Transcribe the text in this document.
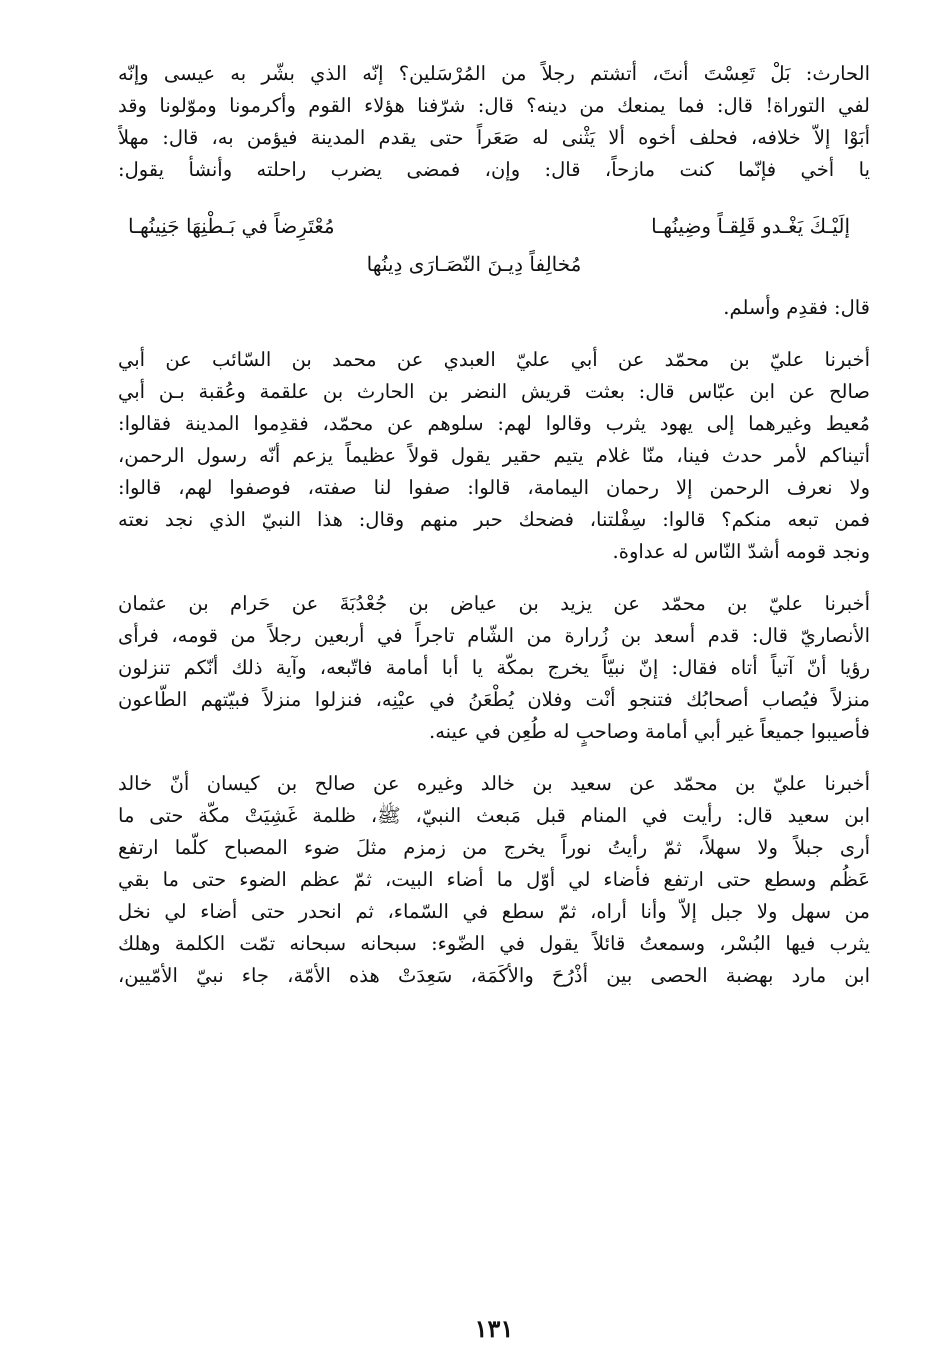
الحارث: بَلْ تَعِسْتَ أنتَ، أتشتم رجلاً من المُرْسَلين؟ إنّه الذي بشّر به عيسى وإنّه
لفي التوراة! قال: فما يمنعك من دينه؟ قال: شرّفنا هؤلاء القوم وأكرمونا وموّلونا وقد
أبَوْا إلاّ خلافه، فحلف أخوه ألا يَثْنى له صَعَراً حتى يقدم المدينة فيؤمن به، قال: مهلاً
يا أخي فإنّما كنت مازحاً، قال: وإن، فمضى يضرب راحلته وأنشأ يقول:
إلَيْـكَ يَغْـدو قَلِقـاً وضِينُهـا
مُعْتَرِضاً في بَـطْنِهَا جَنِينُهـا
مُخالِفاً دِيـنَ النّصَـارَى دِينُها
قال: فقدِم وأسلم.
أخبرنا عليّ بن محمّد عن أبي عليّ العبدي عن محمد بن السّائب عن أبي
صالح عن ابن عبّاس قال: بعثت قريش النضر بن الحارث بن علقمة وعُقبة بـن أبي
مُعيط وغيرهما إلى يهود يثرب وقالوا لهم: سلوهم عن محمّد، فقدِموا المدينة فقالوا:
أتيناكم لأمر حدث فينا، منّا غلام يتيم حقير يقول قولاً عظيماً يزعم أنّه رسول الرحمن،
ولا نعرف الرحمن إلا رحمان اليمامة، قالوا: صفوا لنا صفته، فوصفوا لهم، قالوا:
فمن تبعه منكم؟ قالوا: سِفْلتنا، فضحك حبر منهم وقال: هذا النبيّ الذي نجد نعته
ونجد قومه أشدّ النّاس له عداوة.
أخبرنا عليّ بن محمّد عن يزيد بن عياض بن جُعْدُبَةَ عن حَرام بن عثمان
الأنصاريّ قال: قدم أسعد بن زُرارة من الشّام تاجراً في أربعين رجلاً من قومه، فرأى
رؤيا أنّ آتياً أتاه فقال: إنّ نبيّاً يخرج بمكّة يا أبا أمامة فاتّبعه، وآية ذلك أنّكم تنزلون
منزلاً فيُصاب أصحابُك فتنجو أنْت وفلان يُطْعَنُ في عيْنِه، فنزلوا منزلاً فبيّتهم الطّاعون
فأصيبوا جميعاً غير أبي أمامة وصاحبٍ له طُعِن في عينه.
أخبرنا عليّ بن محمّد عن سعيد بن خالد وغيره عن صالح بن كيسان أنّ خالد
ابن سعيد قال: رأيت في المنام قبل مَبعث النبيّ، ﷺ، ظلمة غَشِيَتْ مكّة حتى ما
أرى جبلاً ولا سهلاً، ثمّ رأيتُ نوراً يخرج من زمزم مثلَ ضوء المصباح كلّما ارتفع
عَظُم وسطع حتى ارتفع فأضاء لي أوّل ما أضاء البيت، ثمّ عظم الضوء حتى ما بقي
من سهل ولا جبل إلاّ وأنا أراه، ثمّ سطع في السّماء، ثم انحدر حتى أضاء لي نخل
يثرب فيها البُسْر، وسمعتُ قائلاً يقول في الضّوء: سبحانه سبحانه تمّت الكلمة وهلك
ابن مارد بهضبة الحصى بين أذْرُحَ والأكَمَة، سَعِدَتْ هذه الأمّة، جاء نبيّ الأمّيين،
١٣١
